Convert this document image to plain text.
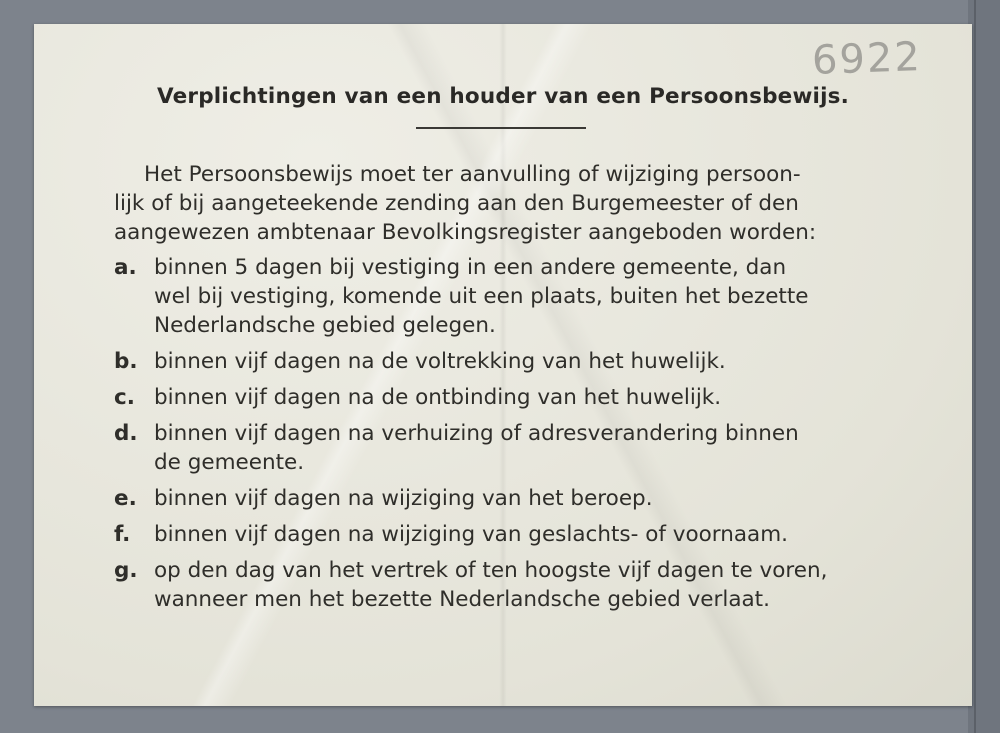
6922
Verplichtingen van een houder van een Persoonsbewijs.
Het Persoonsbewijs moet ter aanvulling of wijziging persoon-
lijk of bij aangeteekende zending aan den Burgemeester of den
aangewezen ambtenaar Bevolkingsregister aangeboden worden:
a. binnen 5 dagen bij vestiging in een andere gemeente, dan
wel bij vestiging, komende uit een plaats, buiten het bezette
Nederlandsche gebied gelegen.
b. binnen vijf dagen na de voltrekking van het huwelijk.
c. binnen vijf dagen na de ontbinding van het huwelijk.
d. binnen vijf dagen na verhuizing of adresverandering binnen
de gemeente.
e. binnen vijf dagen na wijziging van het beroep.
f. binnen vijf dagen na wijziging van geslachts- of voornaam.
g. op den dag van het vertrek of ten hoogste vijf dagen te voren,
wanneer men het bezette Nederlandsche gebied verlaat.
